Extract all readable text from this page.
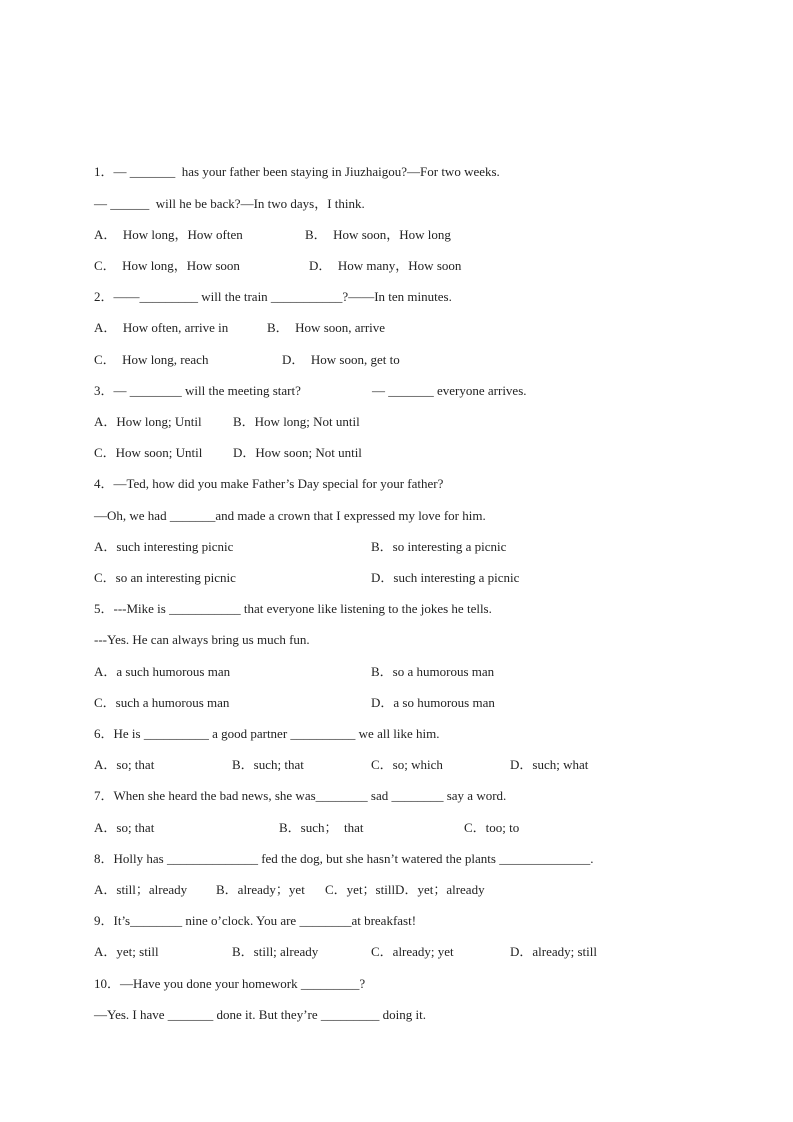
1．— _______  has your father been staying in Jiuzhaigou?—For two weeks.
— ______  will he be back?—In two days，I think.
A．  How long，How often	B．  How soon，How long
C．  How long，How soon	D．  How many，How soon
2．——_________ will the train ___________?——In ten minutes.
A．  How often, arrive in	B．  How soon, arrive
C．  How long, reach	D．  How soon, get to
3．— ________ will the meeting start?	— _______ everyone arrives.
A．How long; Until B．How long; Not until
C．How soon; Until D．How soon; Not until
4．—Ted, how did you make Father’s Day special for your father?
—Oh, we had _______and made a crown that I expressed my love for him.
A．such interesting picnic	B．so interesting a picnic
C．so an interesting picnic	D．such interesting a picnic
5．---Mike is ___________ that everyone like listening to the jokes he tells.
---Yes. He can always bring us much fun.
A．a such humorous man	B．so a humorous man
C．such a humorous man	D．a so humorous man
6．He is __________ a good partner __________ we all like him.
A．so; that	B．such; that	C．so; which	D．such; what
7．When she heard the bad news, she was________ sad ________ say a word.
A．so; that	B．such；  that	C．too; to
8．Holly has ______________ fed the dog, but she hasn’t watered the plants ______________.
A．still；already B．already；yet C．yet；stillD．yet；already
9．It’s________ nine o’clock. You are ________at breakfast!
A．yet; still	B．still; already	C．already; yet	D．already; still
10．—Have you done your homework _________?
—Yes. I have _______ done it. But they’re _________ doing it.
